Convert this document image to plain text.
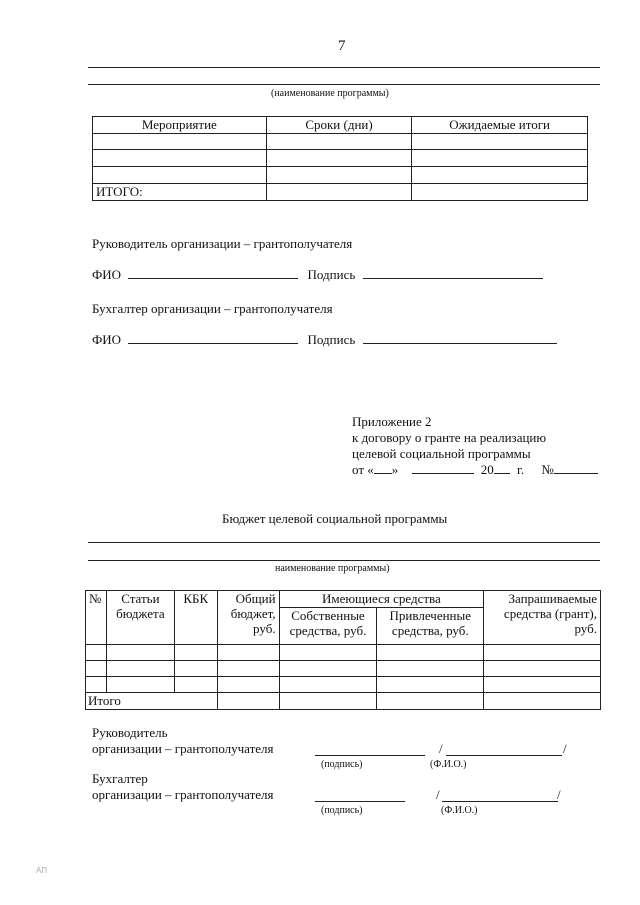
7
(наименование программы)
Мероприятие	Сроки (дни)	Ожидаемые итоги

ИТОГО:		
Руководитель организации – грантополучателя
ФИО	Подпись
Бухгалтер организации – грантополучателя
ФИО	Подпись
Приложение 2
к договору о гранте на реализацию
целевой социальной программы
от « »	20 г. №
Бюджет целевой социальной программы
наименование программы)
№	Статьи бюджета	КБК	Общий бюджет, руб.	Имеющиеся средства		Запрашиваемые средства (грант), руб.
				Собственные средства, руб.	Привлеченные средства, руб.	

Итого						
Руководитель
организации – грантополучателя	/	/
(подпись)	(Ф.И.О.)
Бухгалтер
организации – грантополучателя	/	/
(подпись)	(Ф.И.О.)
АП
